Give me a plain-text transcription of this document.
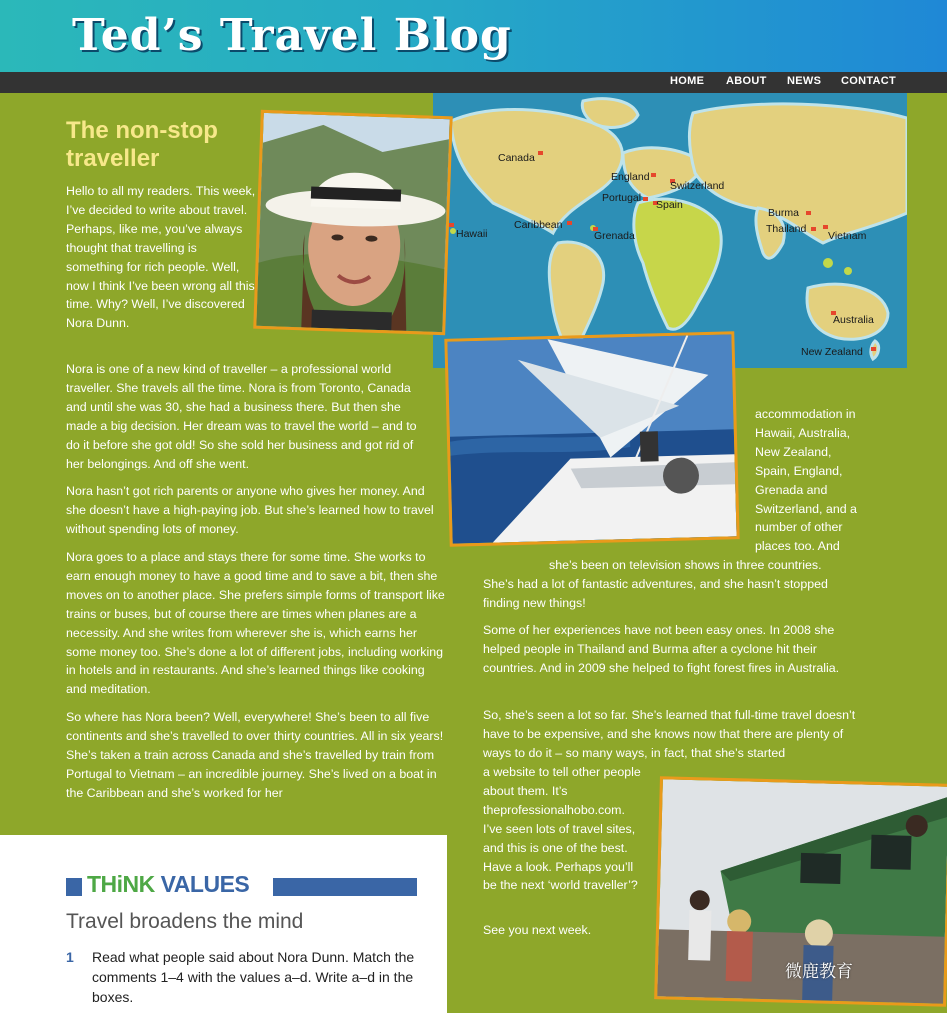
Ted’s Travel Blog
HOME ABOUT NEWS CONTACT
Canada
England
Switzerland
Portugal
Spain
Hawaii
Caribbean
Grenada
Burma
Thailand
Vietnam
Australia
New Zealand
The non-stop traveller

Hello to all my readers. This week, I’ve decided to write about travel. Perhaps, like me, you’ve always thought that travelling is something for rich people. Well, now I think I’ve been wrong all this time. Why? Well, I’ve discovered Nora Dunn.

Nora is one of a new kind of traveller – a professional world traveller. She travels all the time. Nora is from Toronto, Canada and until she was 30, she had a business there. But then she made a big decision. Her dream was to travel the world – and to do it before she got old! So she sold her business and got rid of her belongings. And off she went.

Nora hasn’t got rich parents or anyone who gives her money. And she doesn’t have a high-paying job. But she’s learned how to travel without spending lots of money.

Nora goes to a place and stays there for some time. She works to earn enough money to have a good time and to save a bit, then she moves on to another place. She prefers simple forms of transport like trains or buses, but of course there are times when planes are a necessity. And she writes from wherever she is, which earns her some money too. She’s done a lot of different jobs, including working in hotels and in restaurants. And she’s learned things like cooking and meditation.

So where has Nora been? Well, everywhere! She’s been to all five continents and she’s travelled to over thirty countries. All in six years! She’s taken a train across Canada and she’s travelled by train from Portugal to Vietnam – an incredible journey. She’s lived on a boat in the Caribbean and she’s worked for her

accommodation in Hawaii, Australia, New Zealand, Spain, England, Grenada and Switzerland, and a number of other places too. And

she’s been on television shows in three countries. She’s had a lot of fantastic adventures, and she hasn’t stopped finding new things!

Some of her experiences have not been easy ones. In 2008 she helped people in Thailand and Burma after a cyclone hit their countries. And in 2009 she helped to fight forest fires in Australia.

So, she’s seen a lot so far. She’s learned that full-time travel doesn’t have to be expensive, and she knows now that there are plenty of ways to do it – so many ways, in fact, that she’s started

a website to tell other people about them. It’s theprofessionalhobo.com. I’ve seen lots of travel sites, and this is one of the best. Have a look. Perhaps you’ll be the next ‘world traveller’?

See you next week.

THiNK VALUES

Travel broadens the mind

1 Read what people said about Nora Dunn. Match the comments 1–4 with the values a–d. Write a–d in the boxes.

微鹿教育
